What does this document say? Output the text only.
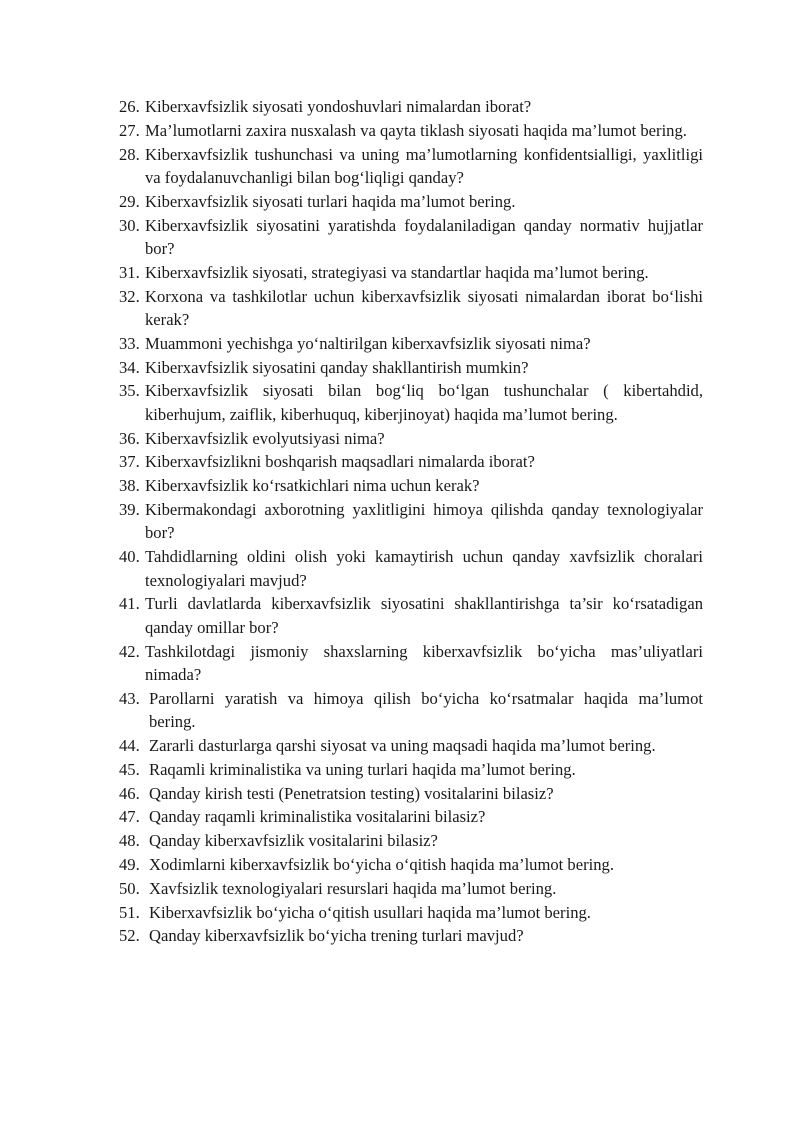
26. Kiberxavfsizlik siyosati yondoshuvlari nimalardan iborat?
27. Ma’lumotlarni zaxira nusxalash va qayta tiklash siyosati haqida ma’lumot bering.
28. Kiberxavfsizlik tushunchasi va uning ma’lumotlarning konfidentsialligi, yaxlitligi va foydalanuvchanligi bilan bog‘liqligi qanday?
29. Kiberxavfsizlik siyosati turlari haqida ma’lumot bering.
30. Kiberxavfsizlik siyosatini yaratishda foydalaniladigan qanday normativ hujjatlar bor?
31. Kiberxavfsizlik siyosati, strategiyasi va standartlar haqida ma’lumot bering.
32. Korxona va tashkilotlar uchun kiberxavfsizlik siyosati nimalardan iborat bo‘lishi kerak?
33. Muammoni yechishga yo‘naltirilgan kiberxavfsizlik siyosati nima?
34. Kiberxavfsizlik siyosatini qanday shakllantirish mumkin?
35. Kiberxavfsizlik siyosati bilan bog‘liq bo‘lgan tushunchalar ( kibertahdid, kiberhujum, zaiflik, kiberhuquq, kiberjinoyat) haqida ma’lumot bering.
36. Kiberxavfsizlik evolyutsiyasi nima?
37. Kiberxavfsizlikni boshqarish maqsadlari nimalarda iborat?
38. Kiberxavfsizlik ko‘rsatkichlari nima uchun kerak?
39. Kibermakondagi axborotning yaxlitligini himoya qilishda qanday texnologiyalar bor?
40. Tahdidlarning oldini olish yoki kamaytirish uchun qanday xavfsizlik choralari texnologiyalari mavjud?
41. Turli davlatlarda kiberxavfsizlik siyosatini shakllantirishga ta’sir ko‘rsatadigan qanday omillar bor?
42. Tashkilotdagi jismoniy shaxslarning kiberxavfsizlik bo‘yicha mas’uliyatlari nimada?
43. Parollarni yaratish va himoya qilish bo‘yicha ko‘rsatmalar haqida ma’lumot bering.
44. Zararli dasturlarga qarshi siyosat va uning maqsadi haqida ma’lumot bering.
45. Raqamli kriminalistika va uning turlari haqida ma’lumot bering.
46. Qanday kirish testi (Penetratsion testing) vositalarini bilasiz?
47. Qanday raqamli kriminalistika vositalarini bilasiz?
48. Qanday kiberxavfsizlik vositalarini bilasiz?
49. Xodimlarni kiberxavfsizlik bo‘yicha o‘qitish haqida ma’lumot bering.
50. Xavfsizlik texnologiyalari resurslari haqida ma’lumot bering.
51. Kiberxavfsizlik bo‘yicha o‘qitish usullari haqida ma’lumot bering.
52. Qanday kiberxavfsizlik bo‘yicha trening turlari mavjud?
